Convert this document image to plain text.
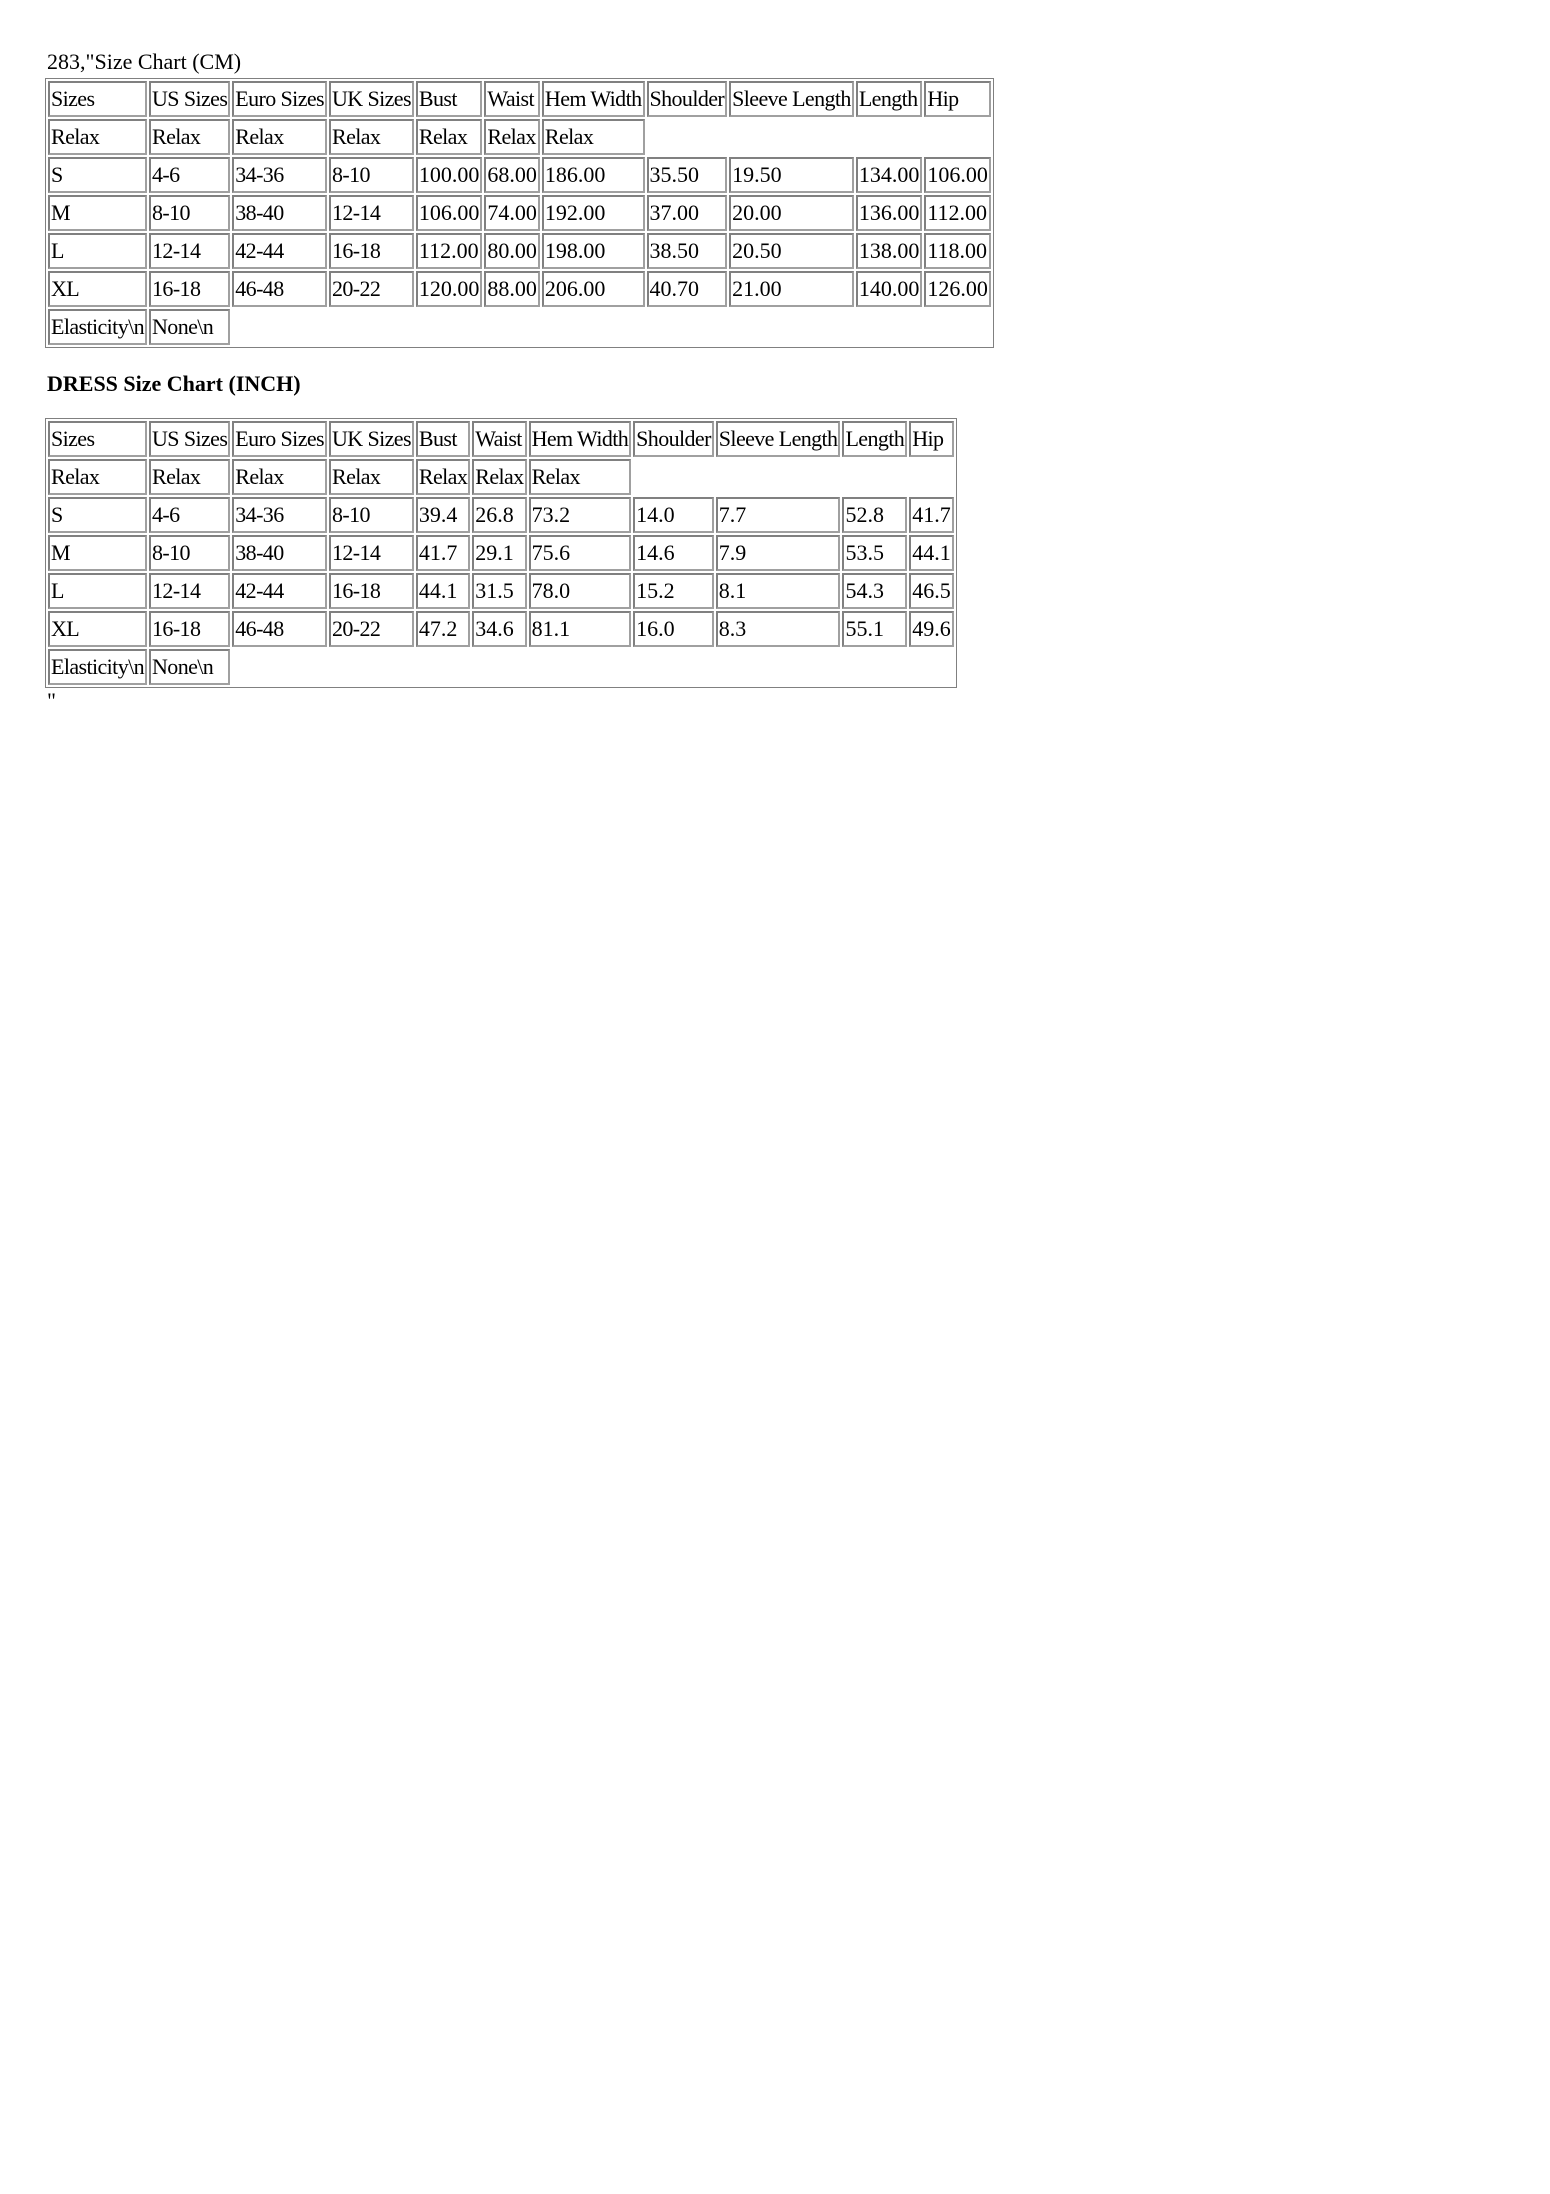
283,"Size Chart (CM)
Sizes	US Sizes	Euro Sizes	UK Sizes	Bust	Waist	Hem Width	Shoulder	Sleeve Length	Length	Hip
Relax	Relax	Relax	Relax	Relax	Relax	Relax				
S	4-6	34-36	8-10	100.00	68.00	186.00	35.50	19.50	134.00	106.00
M	8-10	38-40	12-14	106.00	74.00	192.00	37.00	20.00	136.00	112.00
L	12-14	42-44	16-18	112.00	80.00	198.00	38.50	20.50	138.00	118.00
XL	16-18	46-48	20-22	120.00	88.00	206.00	40.70	21.00	140.00	126.00
Elasticity\n	None\n									
DRESS Size Chart (INCH)
Sizes	US Sizes	Euro Sizes	UK Sizes	Bust	Waist	Hem Width	Shoulder	Sleeve Length	Length	Hip
Relax	Relax	Relax	Relax	Relax	Relax	Relax				
S	4-6	34-36	8-10	39.4	26.8	73.2	14.0	7.7	52.8	41.7
M	8-10	38-40	12-14	41.7	29.1	75.6	14.6	7.9	53.5	44.1
L	12-14	42-44	16-18	44.1	31.5	78.0	15.2	8.1	54.3	46.5
XL	16-18	46-48	20-22	47.2	34.6	81.1	16.0	8.3	55.1	49.6
Elasticity\n	None\n									
"
